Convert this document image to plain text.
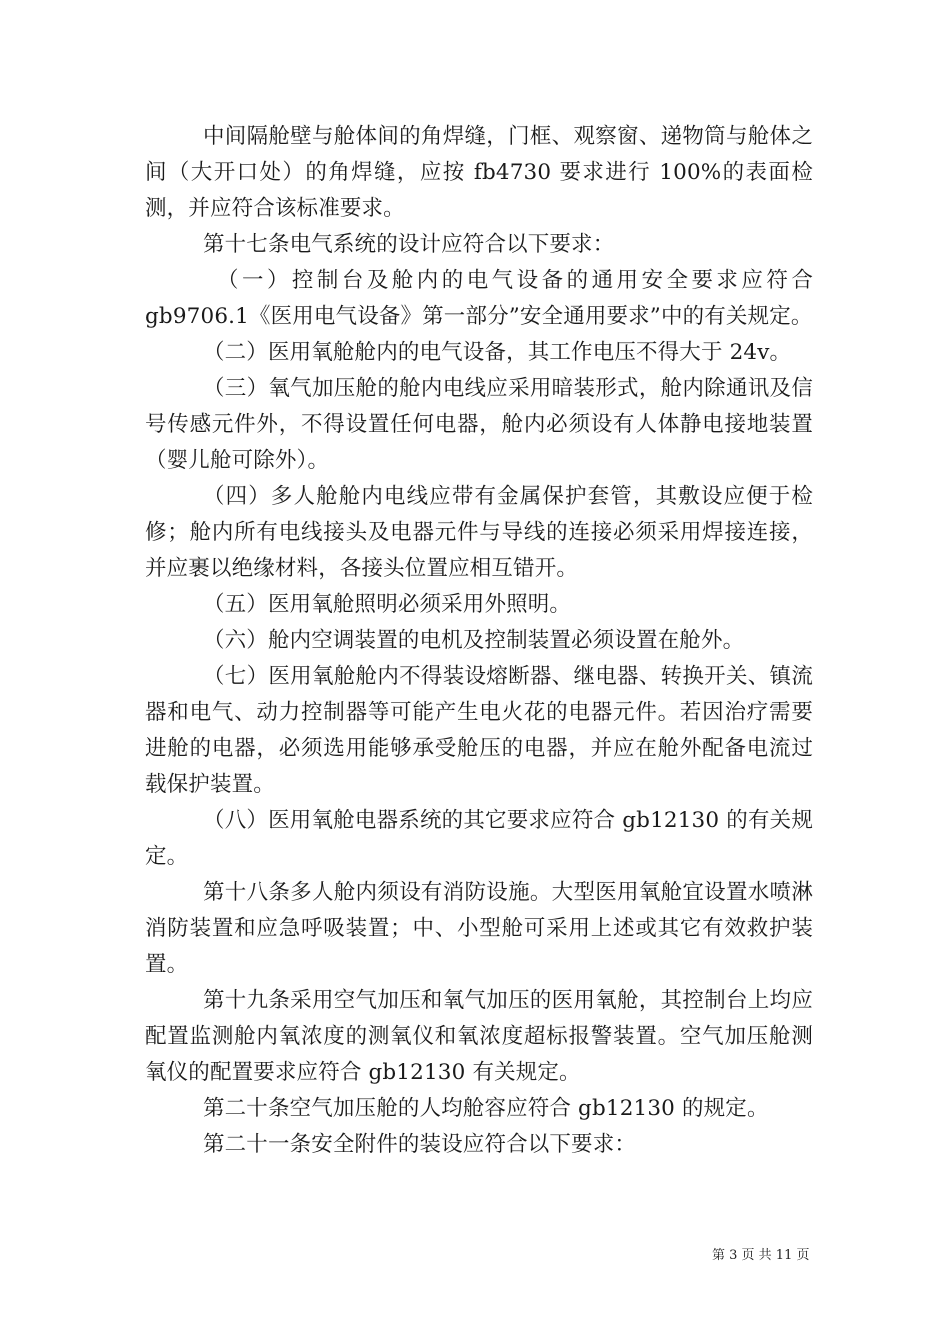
中间隔舱壁与舱体间的角焊缝，门框、观察窗、递物筒与舱体之间（大开口处）的角焊缝，应按 fb4730 要求进行 100%的表面检测，并应符合该标准要求。

第十七条电气系统的设计应符合以下要求：

（一）控制台及舱内的电气设备的通用安全要求应符合 gb9706.1《医用电气设备》第一部分”安全通用要求”中的有关规定。

（二）医用氧舱舱内的电气设备，其工作电压不得大于 24v。

（三）氧气加压舱的舱内电线应采用暗装形式，舱内除通讯及信号传感元件外，不得设置任何电器，舱内必须设有人体静电接地装置（婴儿舱可除外）。

（四）多人舱舱内电线应带有金属保护套管，其敷设应便于检修；舱内所有电线接头及电器元件与导线的连接必须采用焊接连接，并应裹以绝缘材料，各接头位置应相互错开。

（五）医用氧舱照明必须采用外照明。

（六）舱内空调装置的电机及控制装置必须设置在舱外。

（七）医用氧舱舱内不得装设熔断器、继电器、转换开关、镇流器和电气、动力控制器等可能产生电火花的电器元件。若因治疗需要进舱的电器，必须选用能够承受舱压的电器，并应在舱外配备电流过载保护装置。

（八）医用氧舱电器系统的其它要求应符合 gb12130 的有关规定。

第十八条多人舱内须设有消防设施。大型医用氧舱宜设置水喷淋消防装置和应急呼吸装置；中、小型舱可采用上述或其它有效救护装置。

第十九条采用空气加压和氧气加压的医用氧舱，其控制台上均应配置监测舱内氧浓度的测氧仪和氧浓度超标报警装置。空气加压舱测氧仪的配置要求应符合 gb12130 有关规定。

第二十条空气加压舱的人均舱容应符合 gb12130 的规定。

第二十一条安全附件的装设应符合以下要求：

第 3 页 共 11 页
